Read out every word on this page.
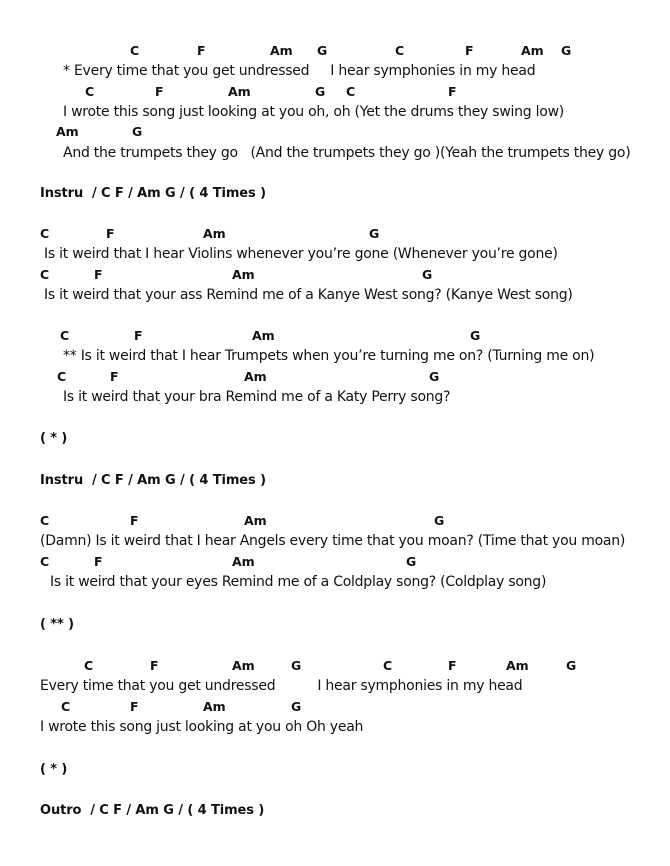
C	F	Am G	C	F	Am G
* Every time that you get undressed     I hear symphonies in my head
C	F	Am	G C	F
I wrote this song just looking at you oh, oh (Yet the drums they swing low)
Am	G
And the trumpets they go   (And the trumpets they go )(Yeah the trumpets they go)
Instru  / C F / Am G / ( 4 Times )
C	F	Am	G
Is it weird that I hear Violins whenever you’re gone (Whenever you’re gone)
C	F	Am	G
Is it weird that your ass Remind me of a Kanye West song? (Kanye West song)
C	F	Am	G
** Is it weird that I hear Trumpets when you’re turning me on? (Turning me on)
C	F	Am	G
Is it weird that your bra Remind me of a Katy Perry song?
( * )
Instru  / C F / Am G / ( 4 Times )
C	F	Am	G
(Damn) Is it weird that I hear Angels every time that you moan? (Time that you moan)
C	F	Am	G
Is it weird that your eyes Remind me of a Coldplay song? (Coldplay song)
( ** )
C	F	Am	G	C	F	Am	G
Every time that you get undressed          I hear symphonies in my head
C	F	Am	G
I wrote this song just looking at you oh Oh yeah
( * )
Outro  / C F / Am G / ( 4 Times )
